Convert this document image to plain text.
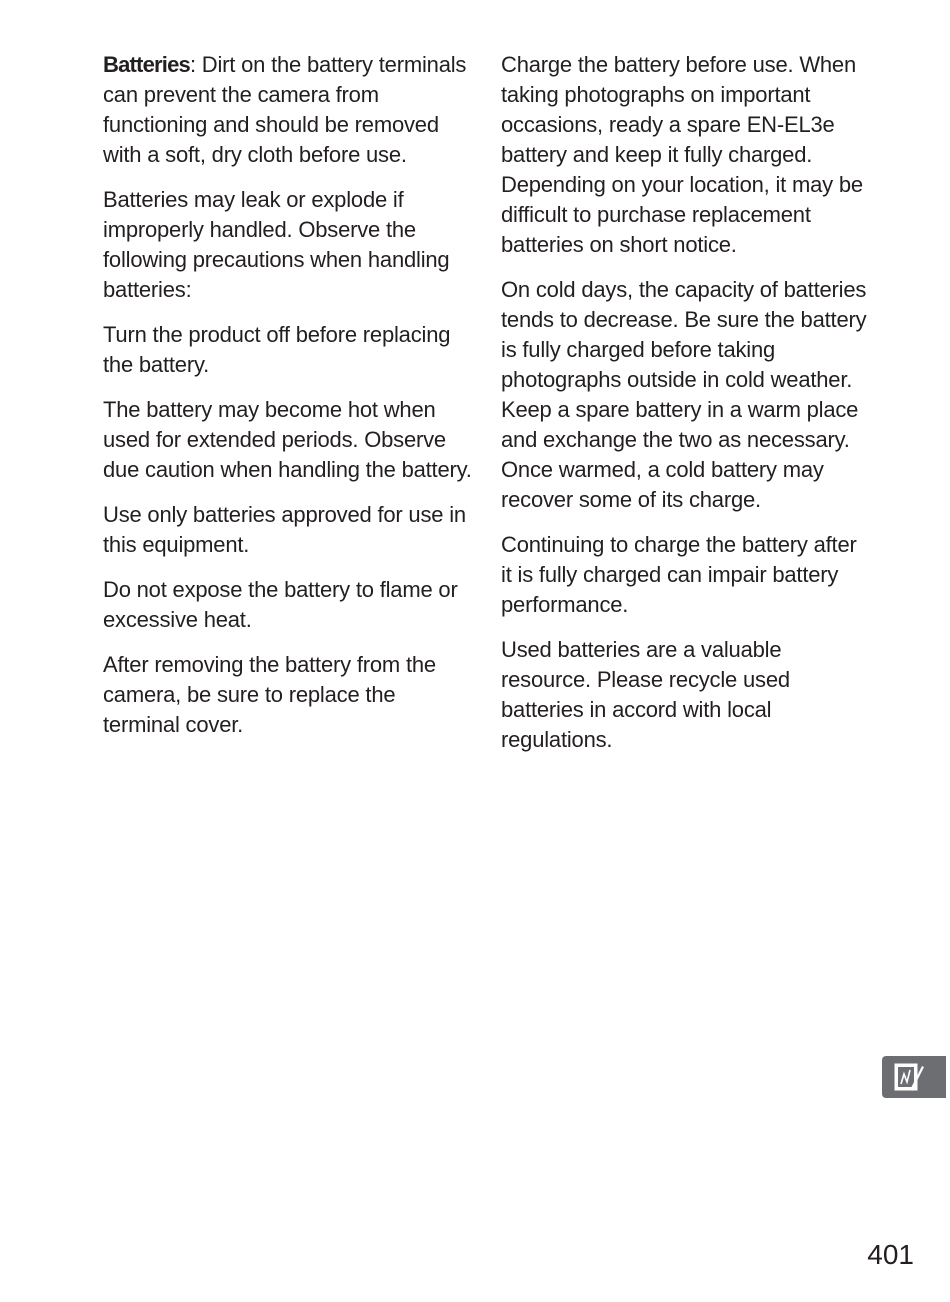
Batteries: Dirt on the battery terminals can prevent the camera from functioning and should be removed with a soft, dry cloth before use.

Batteries may leak or explode if improperly handled. Observe the following precautions when handling batteries:

Turn the product off before replacing the battery.

The battery may become hot when used for extended periods. Observe due caution when handling the battery.

Use only batteries approved for use in this equipment.

Do not expose the battery to flame or excessive heat.

After removing the battery from the camera, be sure to replace the terminal cover.

Charge the battery before use. When taking photographs on important occasions, ready a spare EN-EL3e battery and keep it fully charged. Depending on your location, it may be difficult to purchase replacement batteries on short notice.

On cold days, the capacity of batteries tends to decrease. Be sure the battery is fully charged before taking photographs outside in cold weather. Keep a spare battery in a warm place and exchange the two as necessary. Once warmed, a cold battery may recover some of its charge.

Continuing to charge the battery after it is fully charged can impair battery performance.

Used batteries are a valuable resource. Please recycle used batteries in accord with local regulations.

401
